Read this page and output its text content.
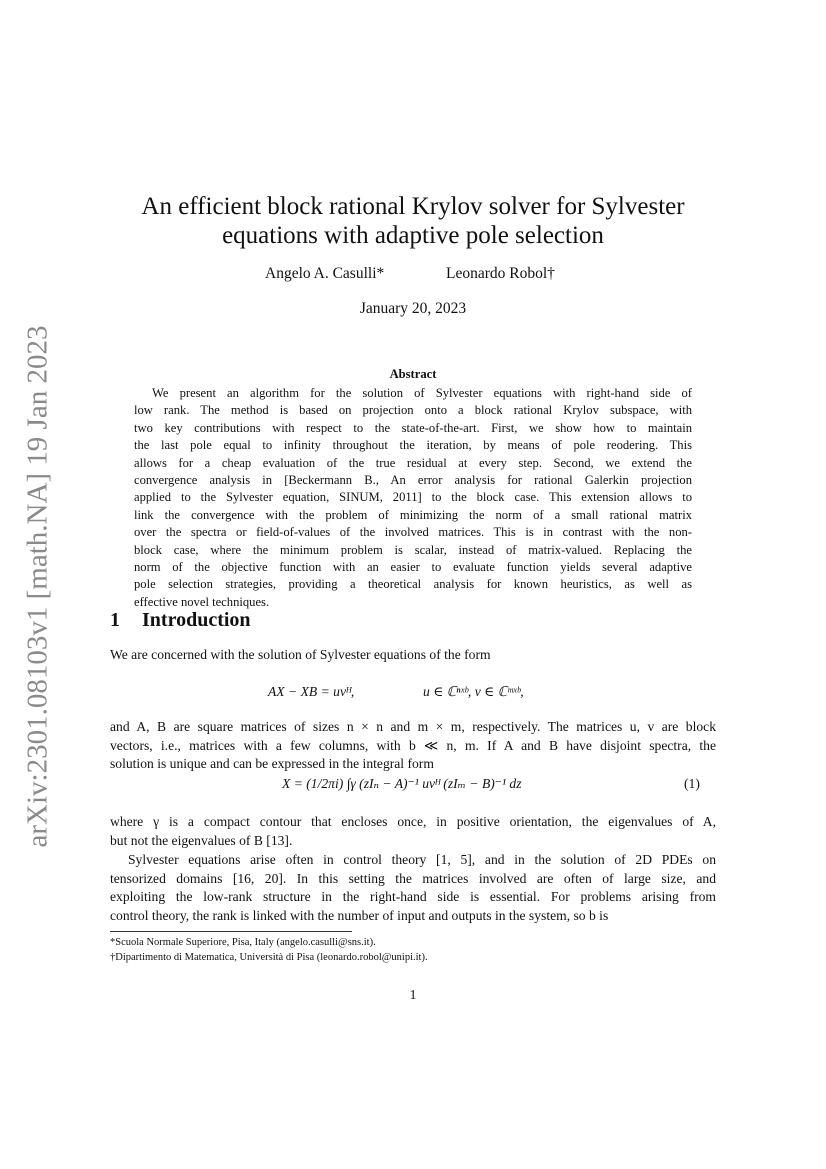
arXiv:2301.08103v1 [math.NA] 19 Jan 2023
An efficient block rational Krylov solver for Sylvester
equations with adaptive pole selection
Angelo A. Casulli*	Leonardo Robol†
January 20, 2023
Abstract
We present an algorithm for the solution of Sylvester equations with right-hand side of
low rank. The method is based on projection onto a block rational Krylov subspace, with
two key contributions with respect to the state-of-the-art. First, we show how to maintain
the last pole equal to infinity throughout the iteration, by means of pole reodering. This
allows for a cheap evaluation of the true residual at every step. Second, we extend the
convergence analysis in [Beckermann B., An error analysis for rational Galerkin projection
applied to the Sylvester equation, SINUM, 2011] to the block case. This extension allows to
link the convergence with the problem of minimizing the norm of a small rational matrix
over the spectra or field-of-values of the involved matrices. This is in contrast with the non-
block case, where the minimum problem is scalar, instead of matrix-valued. Replacing the
norm of the objective function with an easier to evaluate function yields several adaptive
pole selection strategies, providing a theoretical analysis for known heuristics, as well as
effective novel techniques.
1 Introduction
We are concerned with the solution of Sylvester equations of the form
AX − XB = uvᴴ,	u ∈ ℂⁿˣᵇ, v ∈ ℂᵐˣᵇ,
and A, B are square matrices of sizes n × n and m × m, respectively. The matrices u, v are block
vectors, i.e., matrices with a few columns, with b ≪ n, m. If A and B have disjoint spectra, the
solution is unique and can be expressed in the integral form
X = (1/2πi) ∫γ (zIₙ − A)⁻¹ uvᴴ (zIₘ − B)⁻¹ dz	(1)
where γ is a compact contour that encloses once, in positive orientation, the eigenvalues of A,
but not the eigenvalues of B [13].
Sylvester equations arise often in control theory [1, 5], and in the solution of 2D PDEs on
tensorized domains [16, 20]. In this setting the matrices involved are often of large size, and
exploiting the low-rank structure in the right-hand side is essential. For problems arising from
control theory, the rank is linked with the number of input and outputs in the system, so b is
*Scuola Normale Superiore, Pisa, Italy (angelo.casulli@sns.it).
†Dipartimento di Matematica, Università di Pisa (leonardo.robol@unipi.it).
1
